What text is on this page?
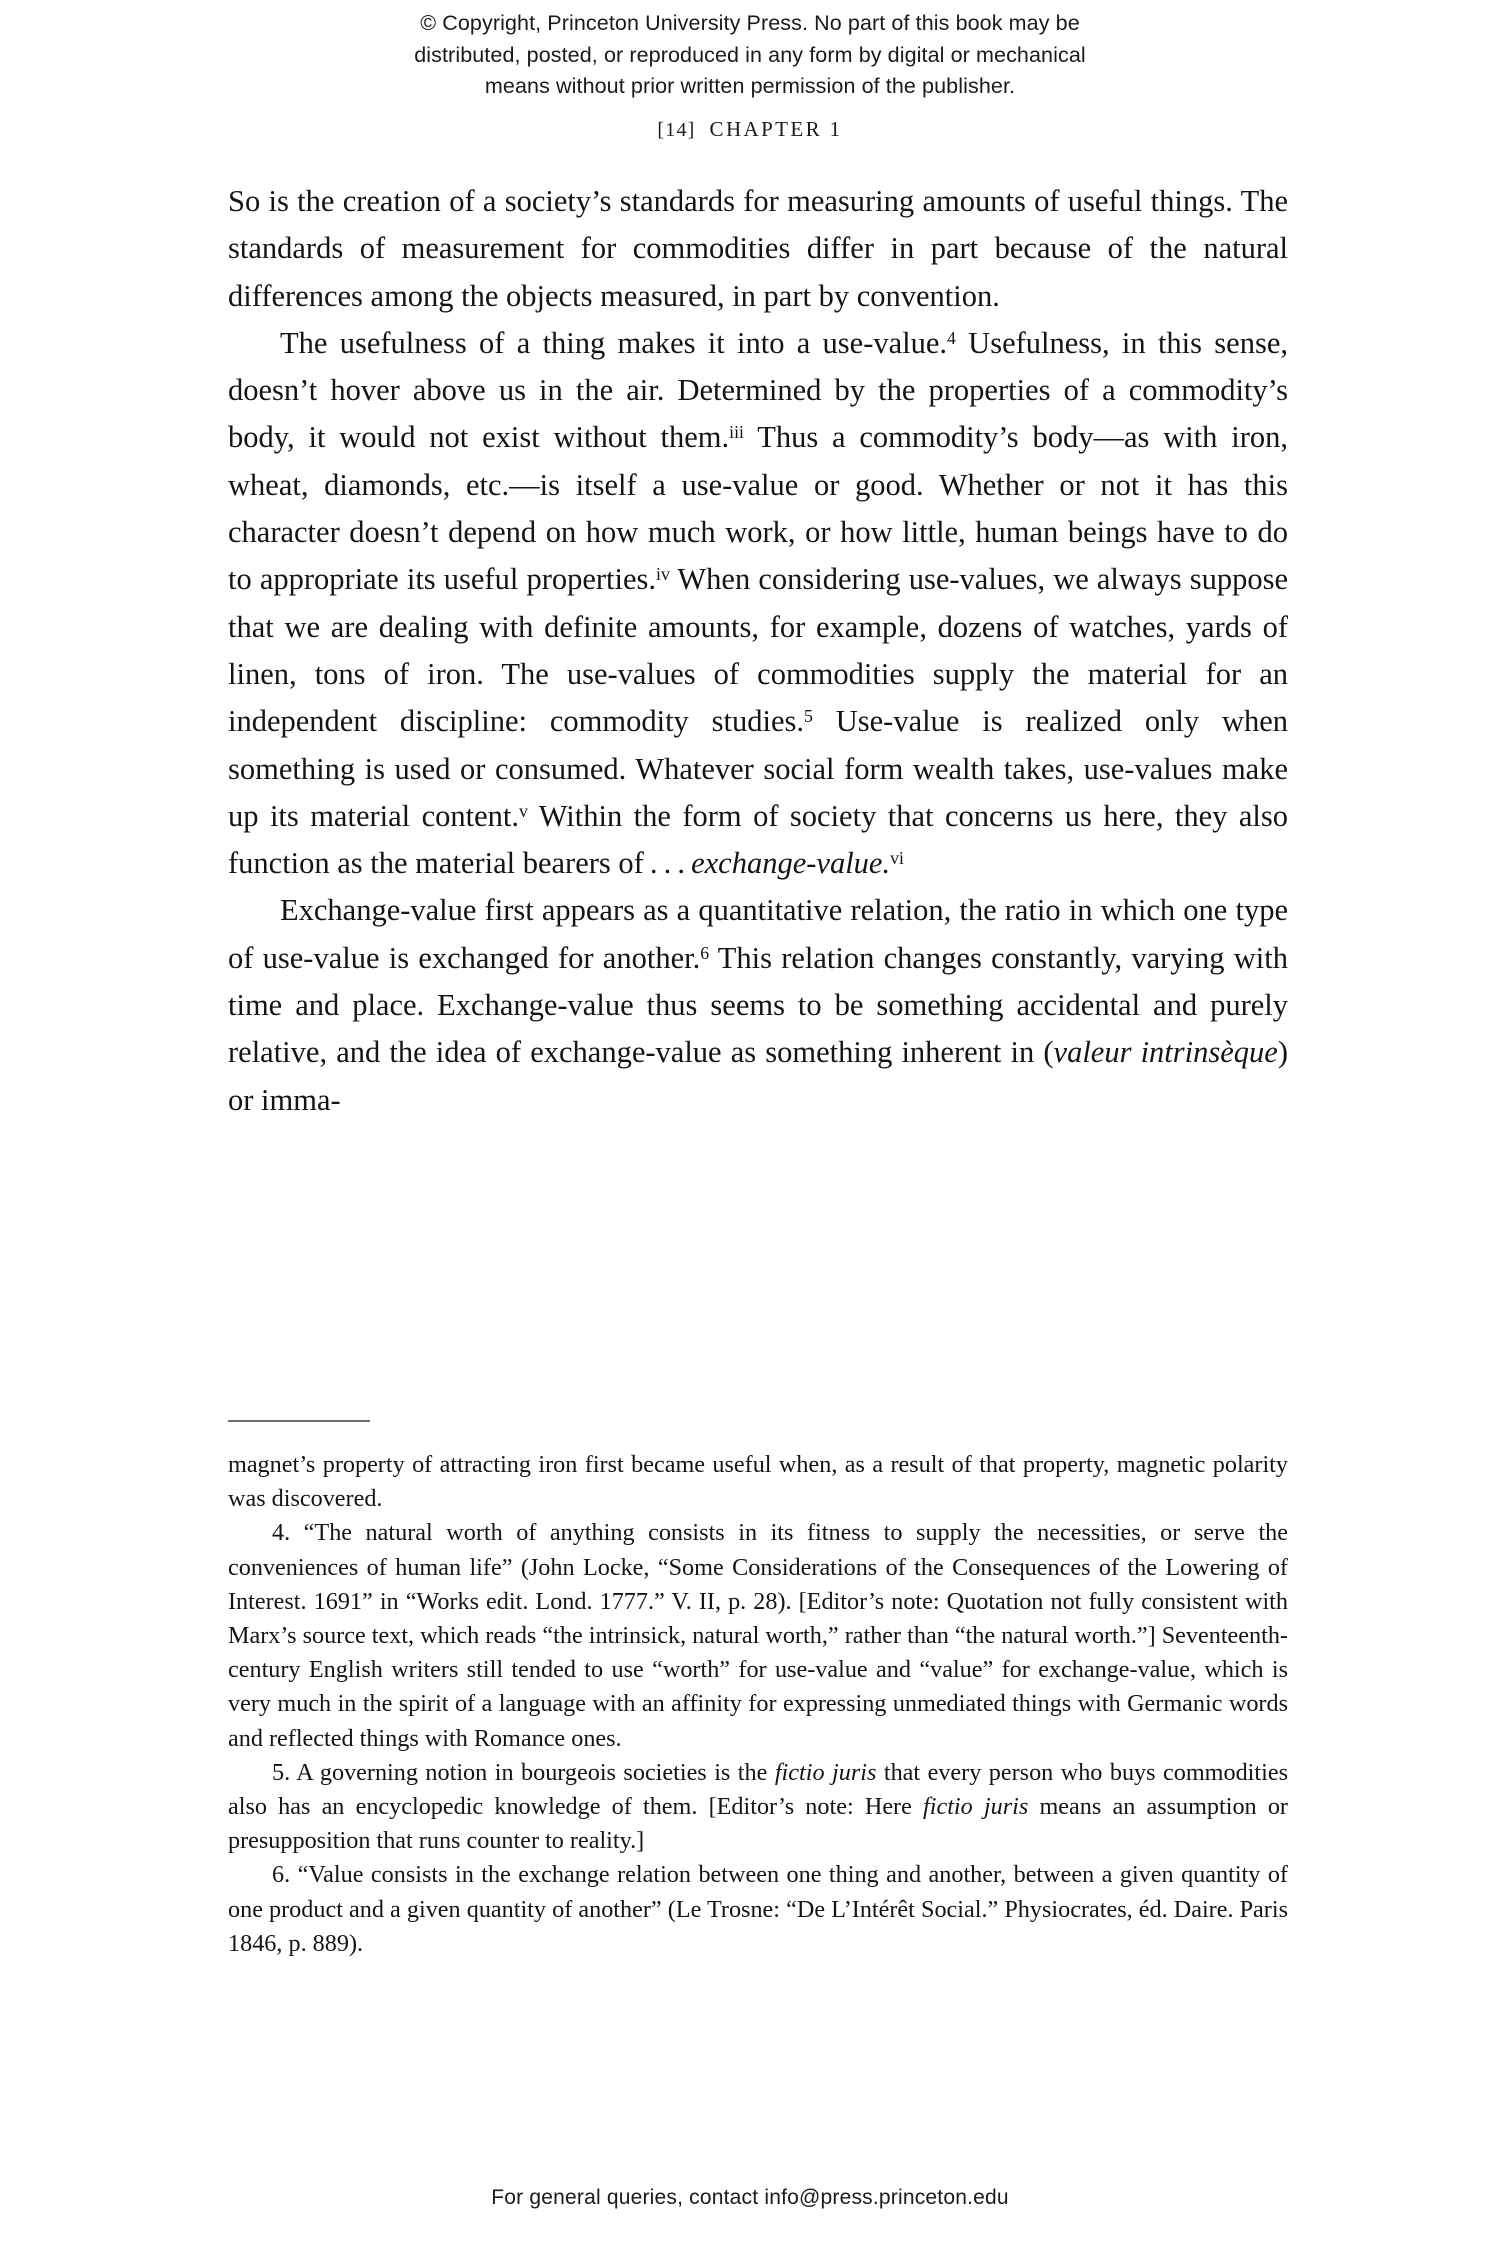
© Copyright, Princeton University Press. No part of this book may be
distributed, posted, or reproduced in any form by digital or mechanical
means without prior written permission of the publisher.
[14] CHAPTER 1

So is the creation of a society’s standards for measuring amounts of useful things. The standards of measurement for commodities differ in part because of the natural differences among the objects measured, in part by convention.

The usefulness of a thing makes it into a use-value.$^4$ Usefulness, in this sense, doesn’t hover above us in the air. Determined by the properties of a commodity’s body, it would not exist without them.$^{iii}$ Thus a commodity’s body—as with iron, wheat, diamonds, etc.—is itself a use-value or good. Whether or not it has this character doesn’t depend on how much work, or how little, human beings have to do to appropriate its useful properties.$^{iv}$ When considering use-values, we always suppose that we are dealing with definite amounts, for example, dozens of watches, yards of linen, tons of iron. The use-values of commodities supply the material for an independent discipline: commodity studies.$^5$ Use-value is realized only when something is used or consumed. Whatever social form wealth takes, use-values make up its material content.$^v$ Within the form of society that concerns us here, they also function as the material bearers of . . . exchange-value.$^{vi}$

Exchange-value first appears as a quantitative relation, the ratio in which one type of use-value is exchanged for another.$^6$ This relation changes constantly, varying with time and place. Exchange-value thus seems to be something accidental and purely relative, and the idea of exchange-value as something inherent in (valeur intrinsèque) or imma-

magnet’s property of attracting iron first became useful when, as a result of that property, magnetic polarity was discovered.

4. “The natural worth of anything consists in its fitness to supply the necessities, or serve the conveniences of human life” (John Locke, “Some Considerations of the Consequences of the Lowering of Interest. 1691” in “Works edit. Lond. 1777.” V. II, p. 28). [Editor’s note: Quotation not fully consistent with Marx’s source text, which reads “the intrinsick, natural worth,” rather than “the natural worth.”] Seventeenth-century English writers still tended to use “worth” for use-value and “value” for exchange-value, which is very much in the spirit of a language with an affinity for expressing unmediated things with Germanic words and reflected things with Romance ones.

5. A governing notion in bourgeois societies is the fictio juris that every person who buys commodities also has an encyclopedic knowledge of them. [Editor’s note: Here fictio juris means an assumption or presupposition that runs counter to reality.]

6. “Value consists in the exchange relation between one thing and another, between a given quantity of one product and a given quantity of another” (Le Trosne: “De L’Intérêt Social.” Physiocrates, éd. Daire. Paris 1846, p. 889).

For general queries, contact info@press.princeton.edu
